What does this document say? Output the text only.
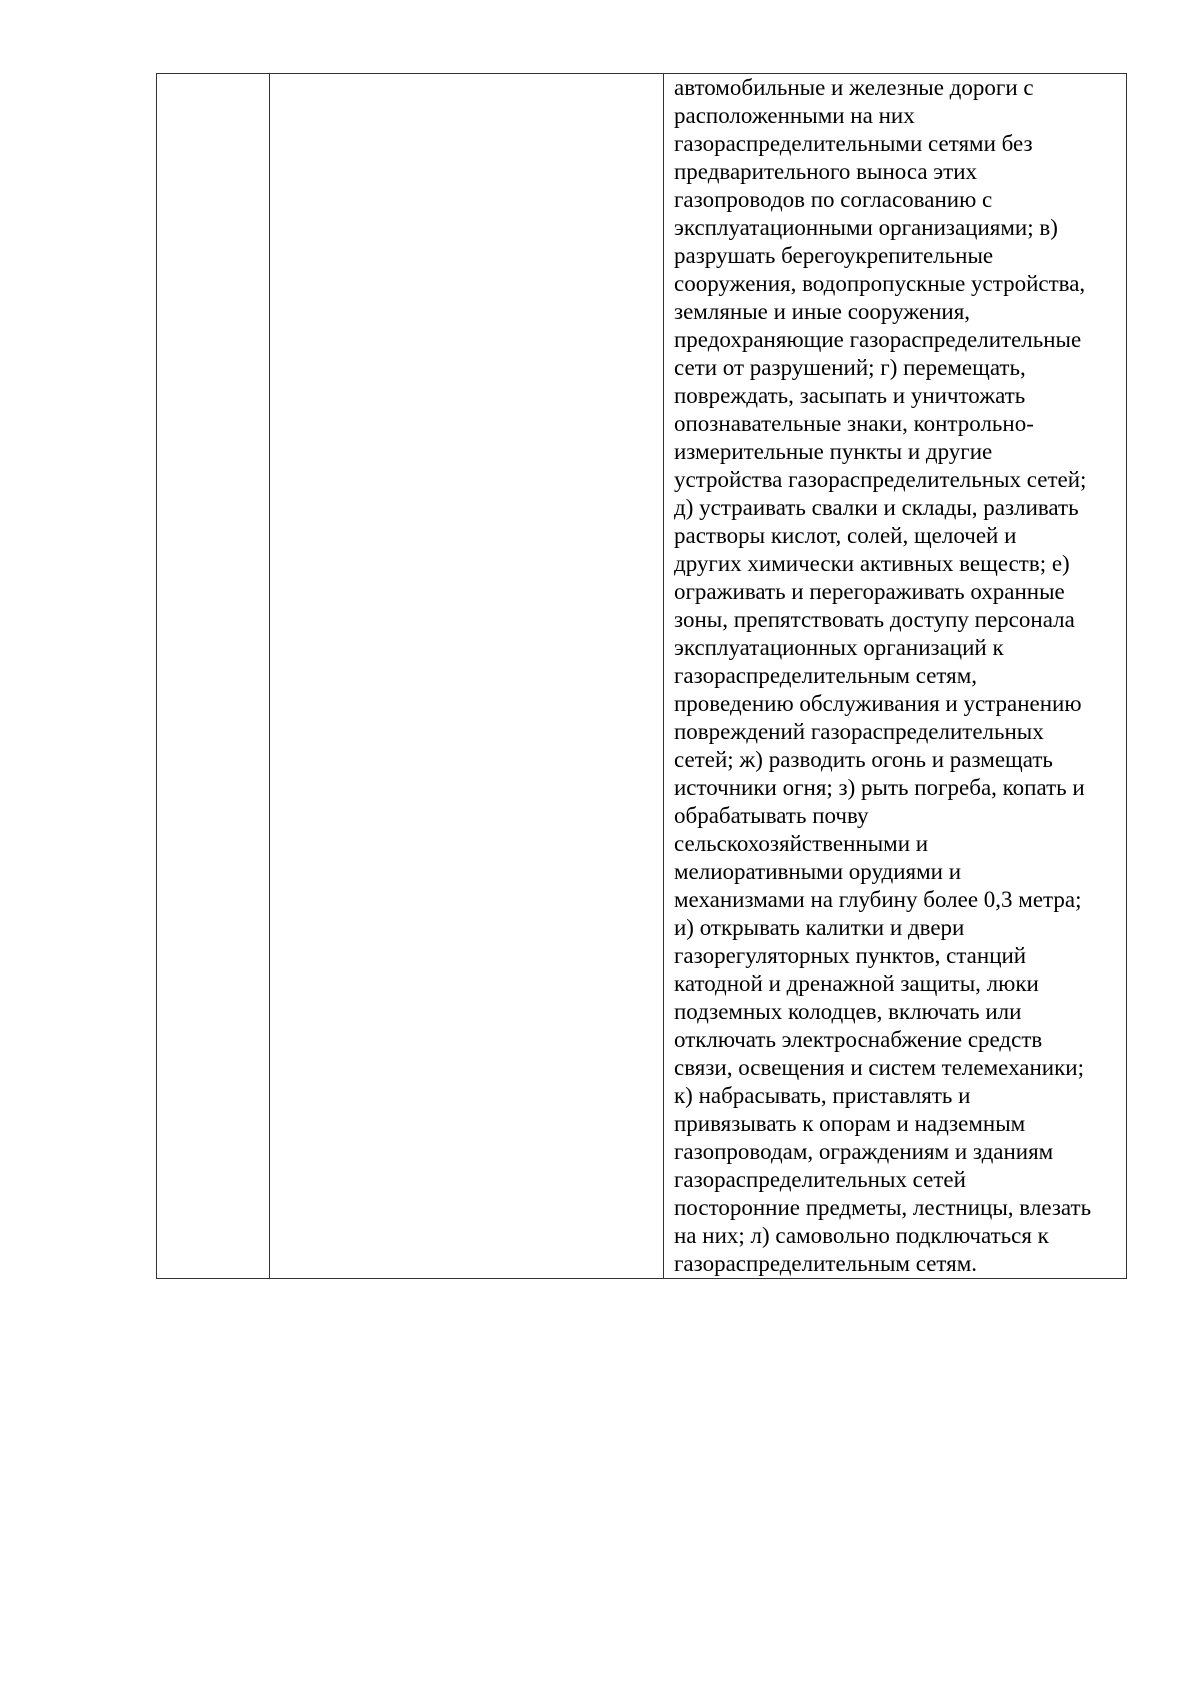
		автомобильные и железные дороги с
расположенными на них
газораспределительными сетями без
предварительного выноса этих
газопроводов по согласованию с
эксплуатационными организациями; в)
разрушать берегоукрепительные
сооружения, водопропускные устройства,
земляные и иные сооружения,
предохраняющие газораспределительные
сети от разрушений; г) перемещать,
повреждать, засыпать и уничтожать
опознавательные знаки, контрольно-
измерительные пункты и другие
устройства газораспределительных сетей;
д) устраивать свалки и склады, разливать
растворы кислот, солей, щелочей и
других химически активных веществ; е)
ограживать и перегораживать охранные
зоны, препятствовать доступу персонала
эксплуатационных организаций к
газораспределительным сетям,
проведению обслуживания и устранению
повреждений газораспределительных
сетей; ж) разводить огонь и размещать
источники огня; з) рыть погреба, копать и
обрабатывать почву
сельскохозяйственными и
мелиоративными орудиями и
механизмами на глубину более 0,3 метра;
и) открывать калитки и двери
газорегуляторных пунктов, станций
катодной и дренажной защиты, люки
подземных колодцев, включать или
отключать электроснабжение средств
связи, освещения и систем телемеханики;
к) набрасывать, приставлять и
привязывать к опорам и надземным
газопроводам, ограждениям и зданиям
газораспределительных сетей
посторонние предметы, лестницы, влезать
на них; л) самовольно подключаться к
газораспределительным сетям.
